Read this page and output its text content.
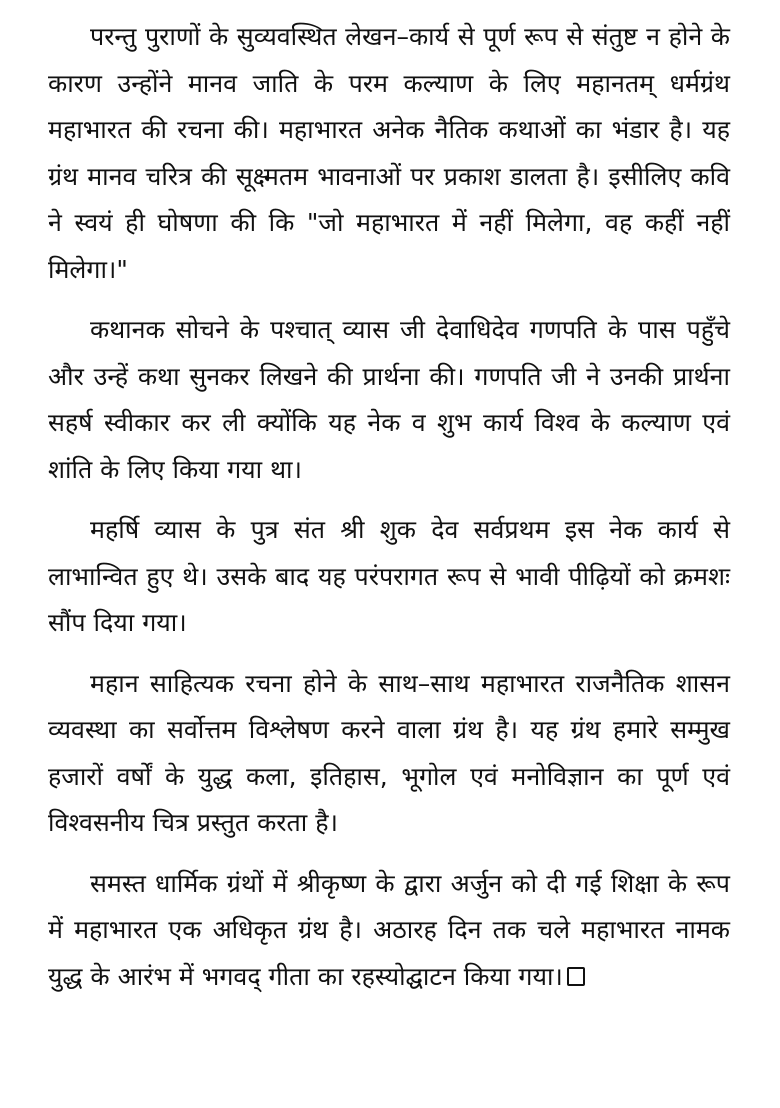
परन्तु पुराणों के सुव्यवस्थित लेखन–कार्य से पूर्ण रूप से संतुष्ट न होने के कारण उन्होंने मानव जाति के परम कल्याण के लिए महानतम् धर्मग्रंथ महाभारत की रचना की। महाभारत अनेक नैतिक कथाओं का भंडार है। यह ग्रंथ मानव चरित्र की सूक्ष्मतम भावनाओं पर प्रकाश डालता है। इसीलिए कवि ने स्वयं ही घोषणा की कि "जो महाभारत में नहीं मिलेगा, वह कहीं नहीं मिलेगा।"

कथानक सोचने के पश्चात् व्यास जी देवाधिदेव गणपति के पास पहुँचे और उन्हें कथा सुनकर लिखने की प्रार्थना की। गणपति जी ने उनकी प्रार्थना सहर्ष स्वीकार कर ली क्योंकि यह नेक व शुभ कार्य विश्व के कल्याण एवं शांति के लिए किया गया था।

महर्षि व्यास के पुत्र संत श्री शुक देव सर्वप्रथम इस नेक कार्य से लाभान्वित हुए थे। उसके बाद यह परंपरागत रूप से भावी पीढ़ियों को क्रमशः सौंप दिया गया।

महान साहित्यक रचना होने के साथ–साथ महाभारत राजनैतिक शासन व्यवस्था का सर्वोत्तम विश्लेषण करने वाला ग्रंथ है। यह ग्रंथ हमारे सम्मुख हजारों वर्षों के युद्ध कला, इतिहास, भूगोल एवं मनोविज्ञान का पूर्ण एवं विश्वसनीय चित्र प्रस्तुत करता है।

समस्त धार्मिक ग्रंथों में श्रीकृष्ण के द्वारा अर्जुन को दी गई शिक्षा के रूप में महाभारत एक अधिकृत ग्रंथ है। अठारह दिन तक चले महाभारत नामक युद्ध के आरंभ में भगवद् गीता का रहस्योद्घाटन किया गया।
